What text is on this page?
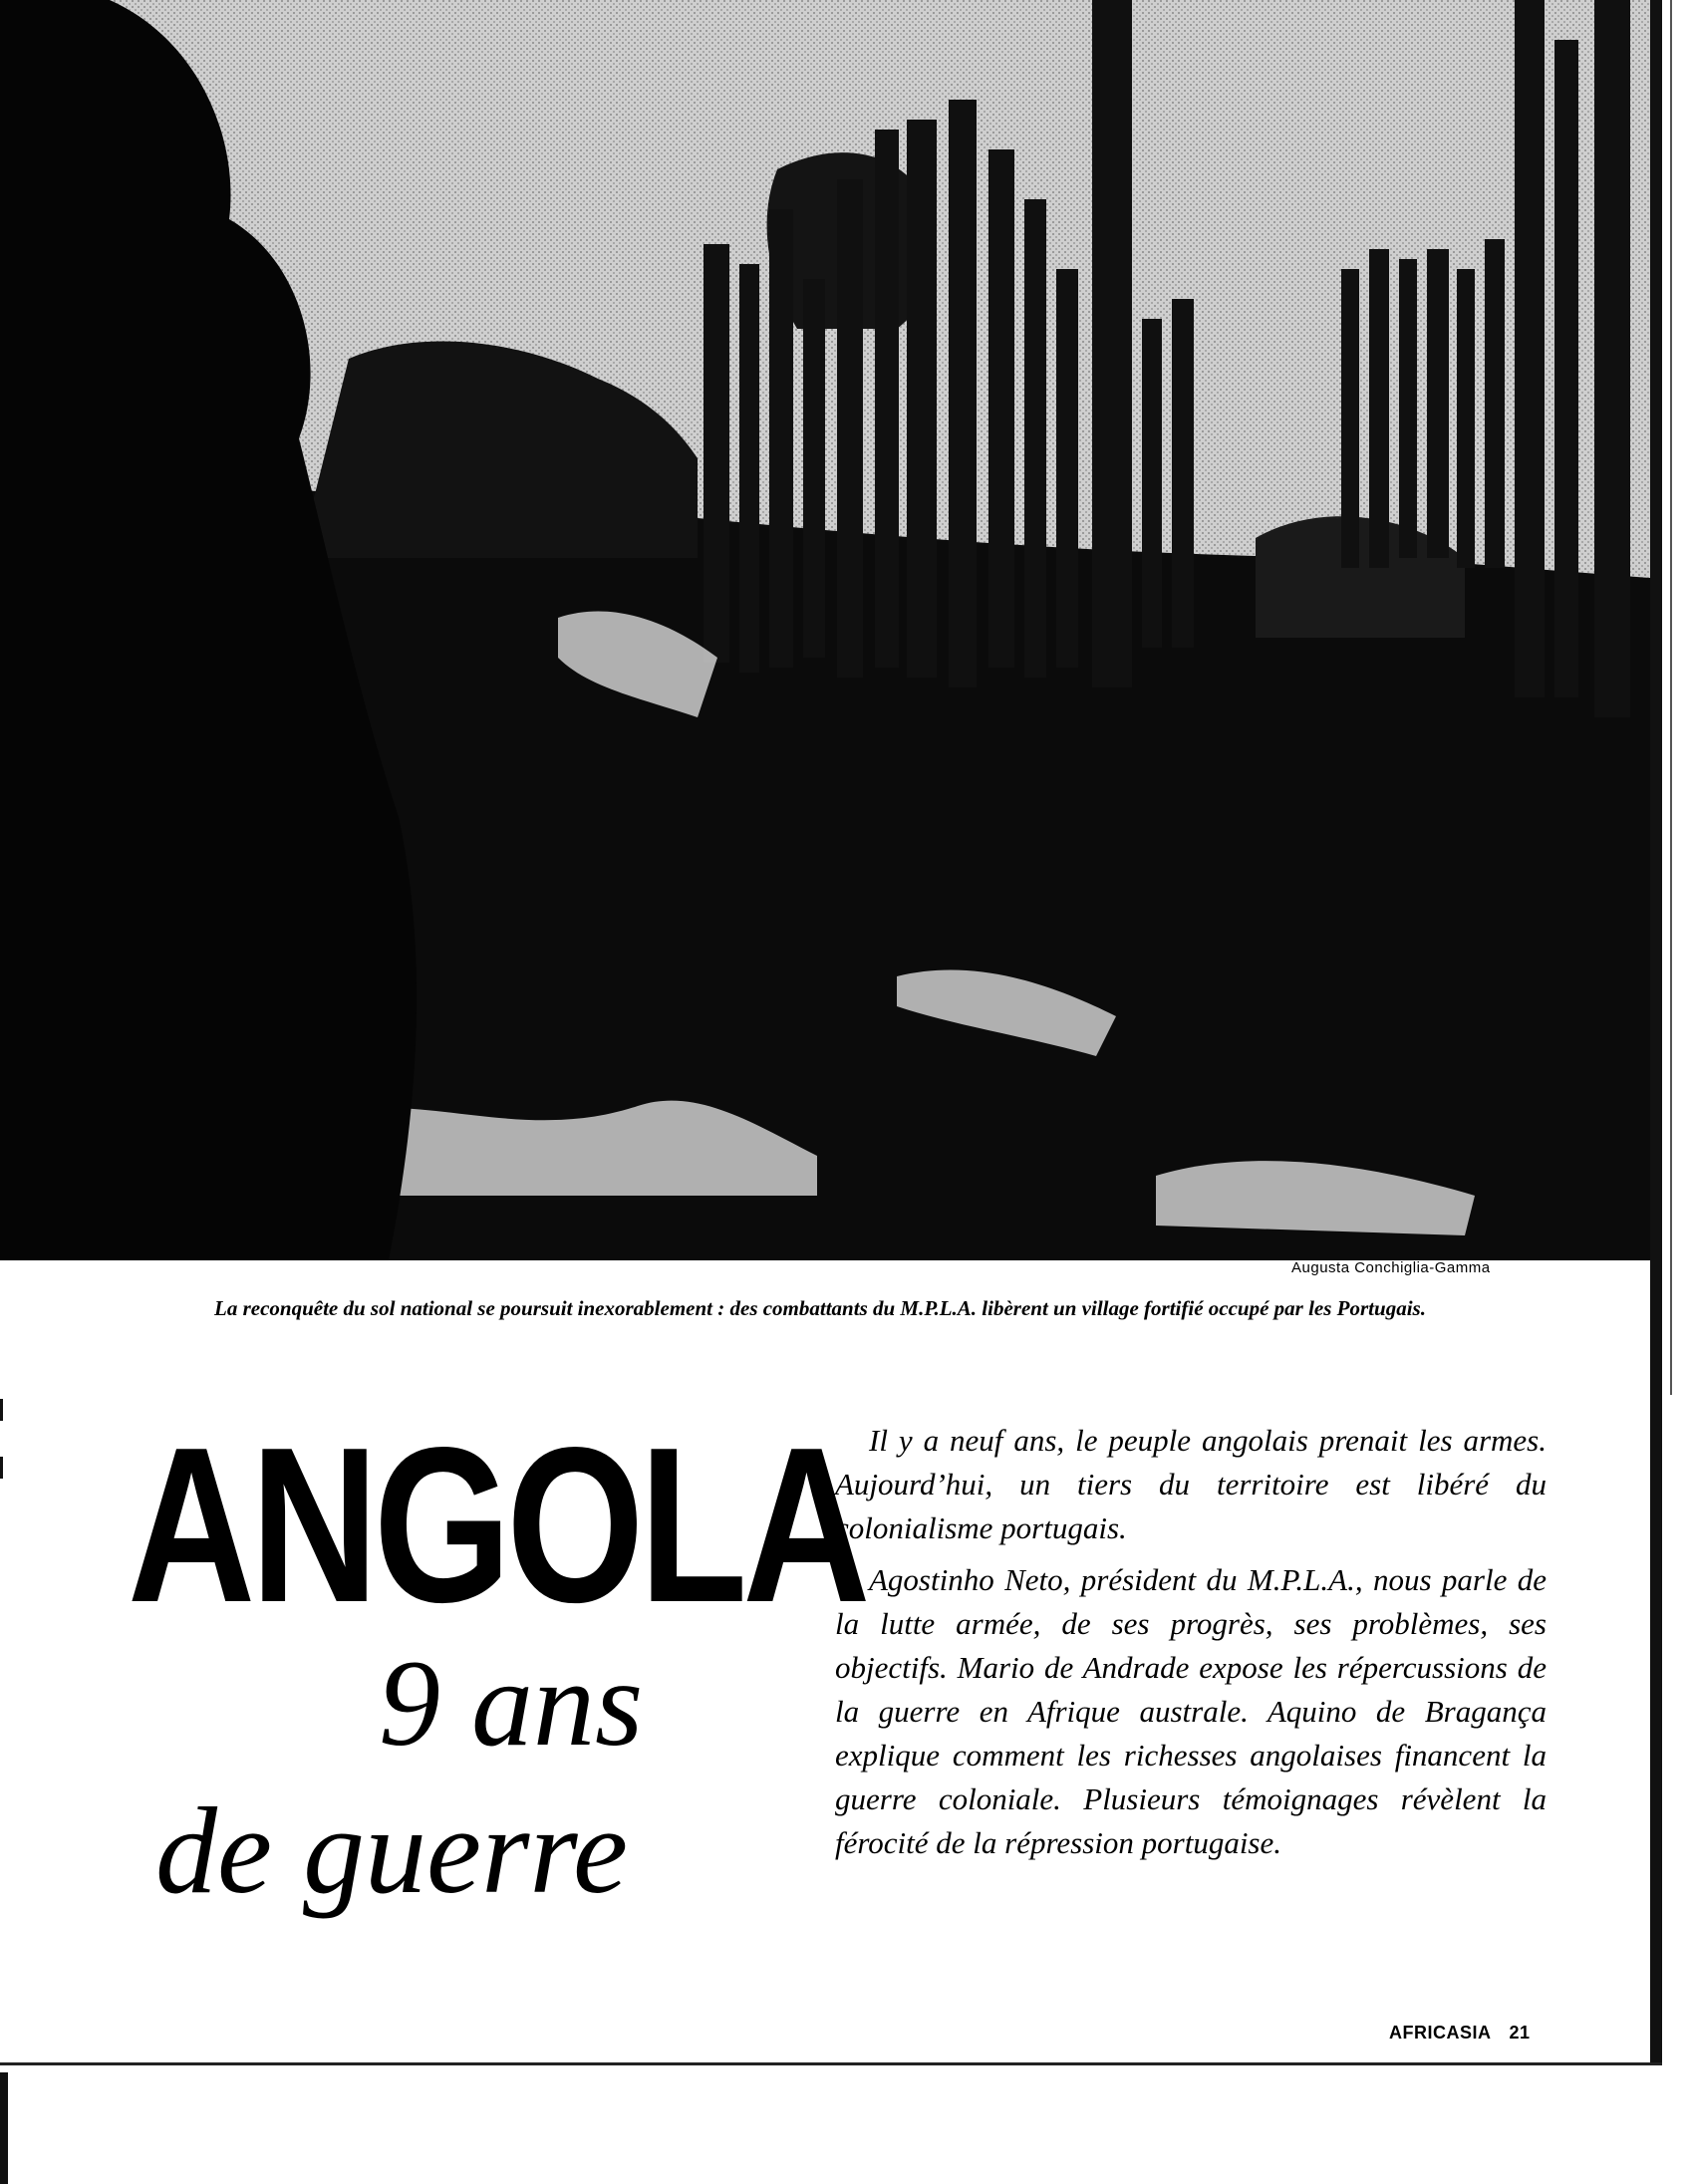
Augusta Conchiglia-Gamma
La reconquête du sol national se poursuit inexorablement : des combattants du M.P.L.A. libèrent un village fortifié occupé par les Portugais.
ANGOLA
9 ans
de guerre

Il y a neuf ans, le peuple angolais prenait les armes. Aujourd’hui, un tiers du territoire est libéré du colonialisme portugais.

Agostinho Neto, président du M.P.L.A., nous parle de la lutte armée, de ses progrès, ses problèmes, ses objectifs. Mario de Andrade expose les répercussions de la guerre en Afrique australe. Aquino de Bragança explique comment les richesses angolaises financent la guerre coloniale. Plusieurs témoignages révèlent la férocité de la répression portugaise.

AFRICASIA 21
